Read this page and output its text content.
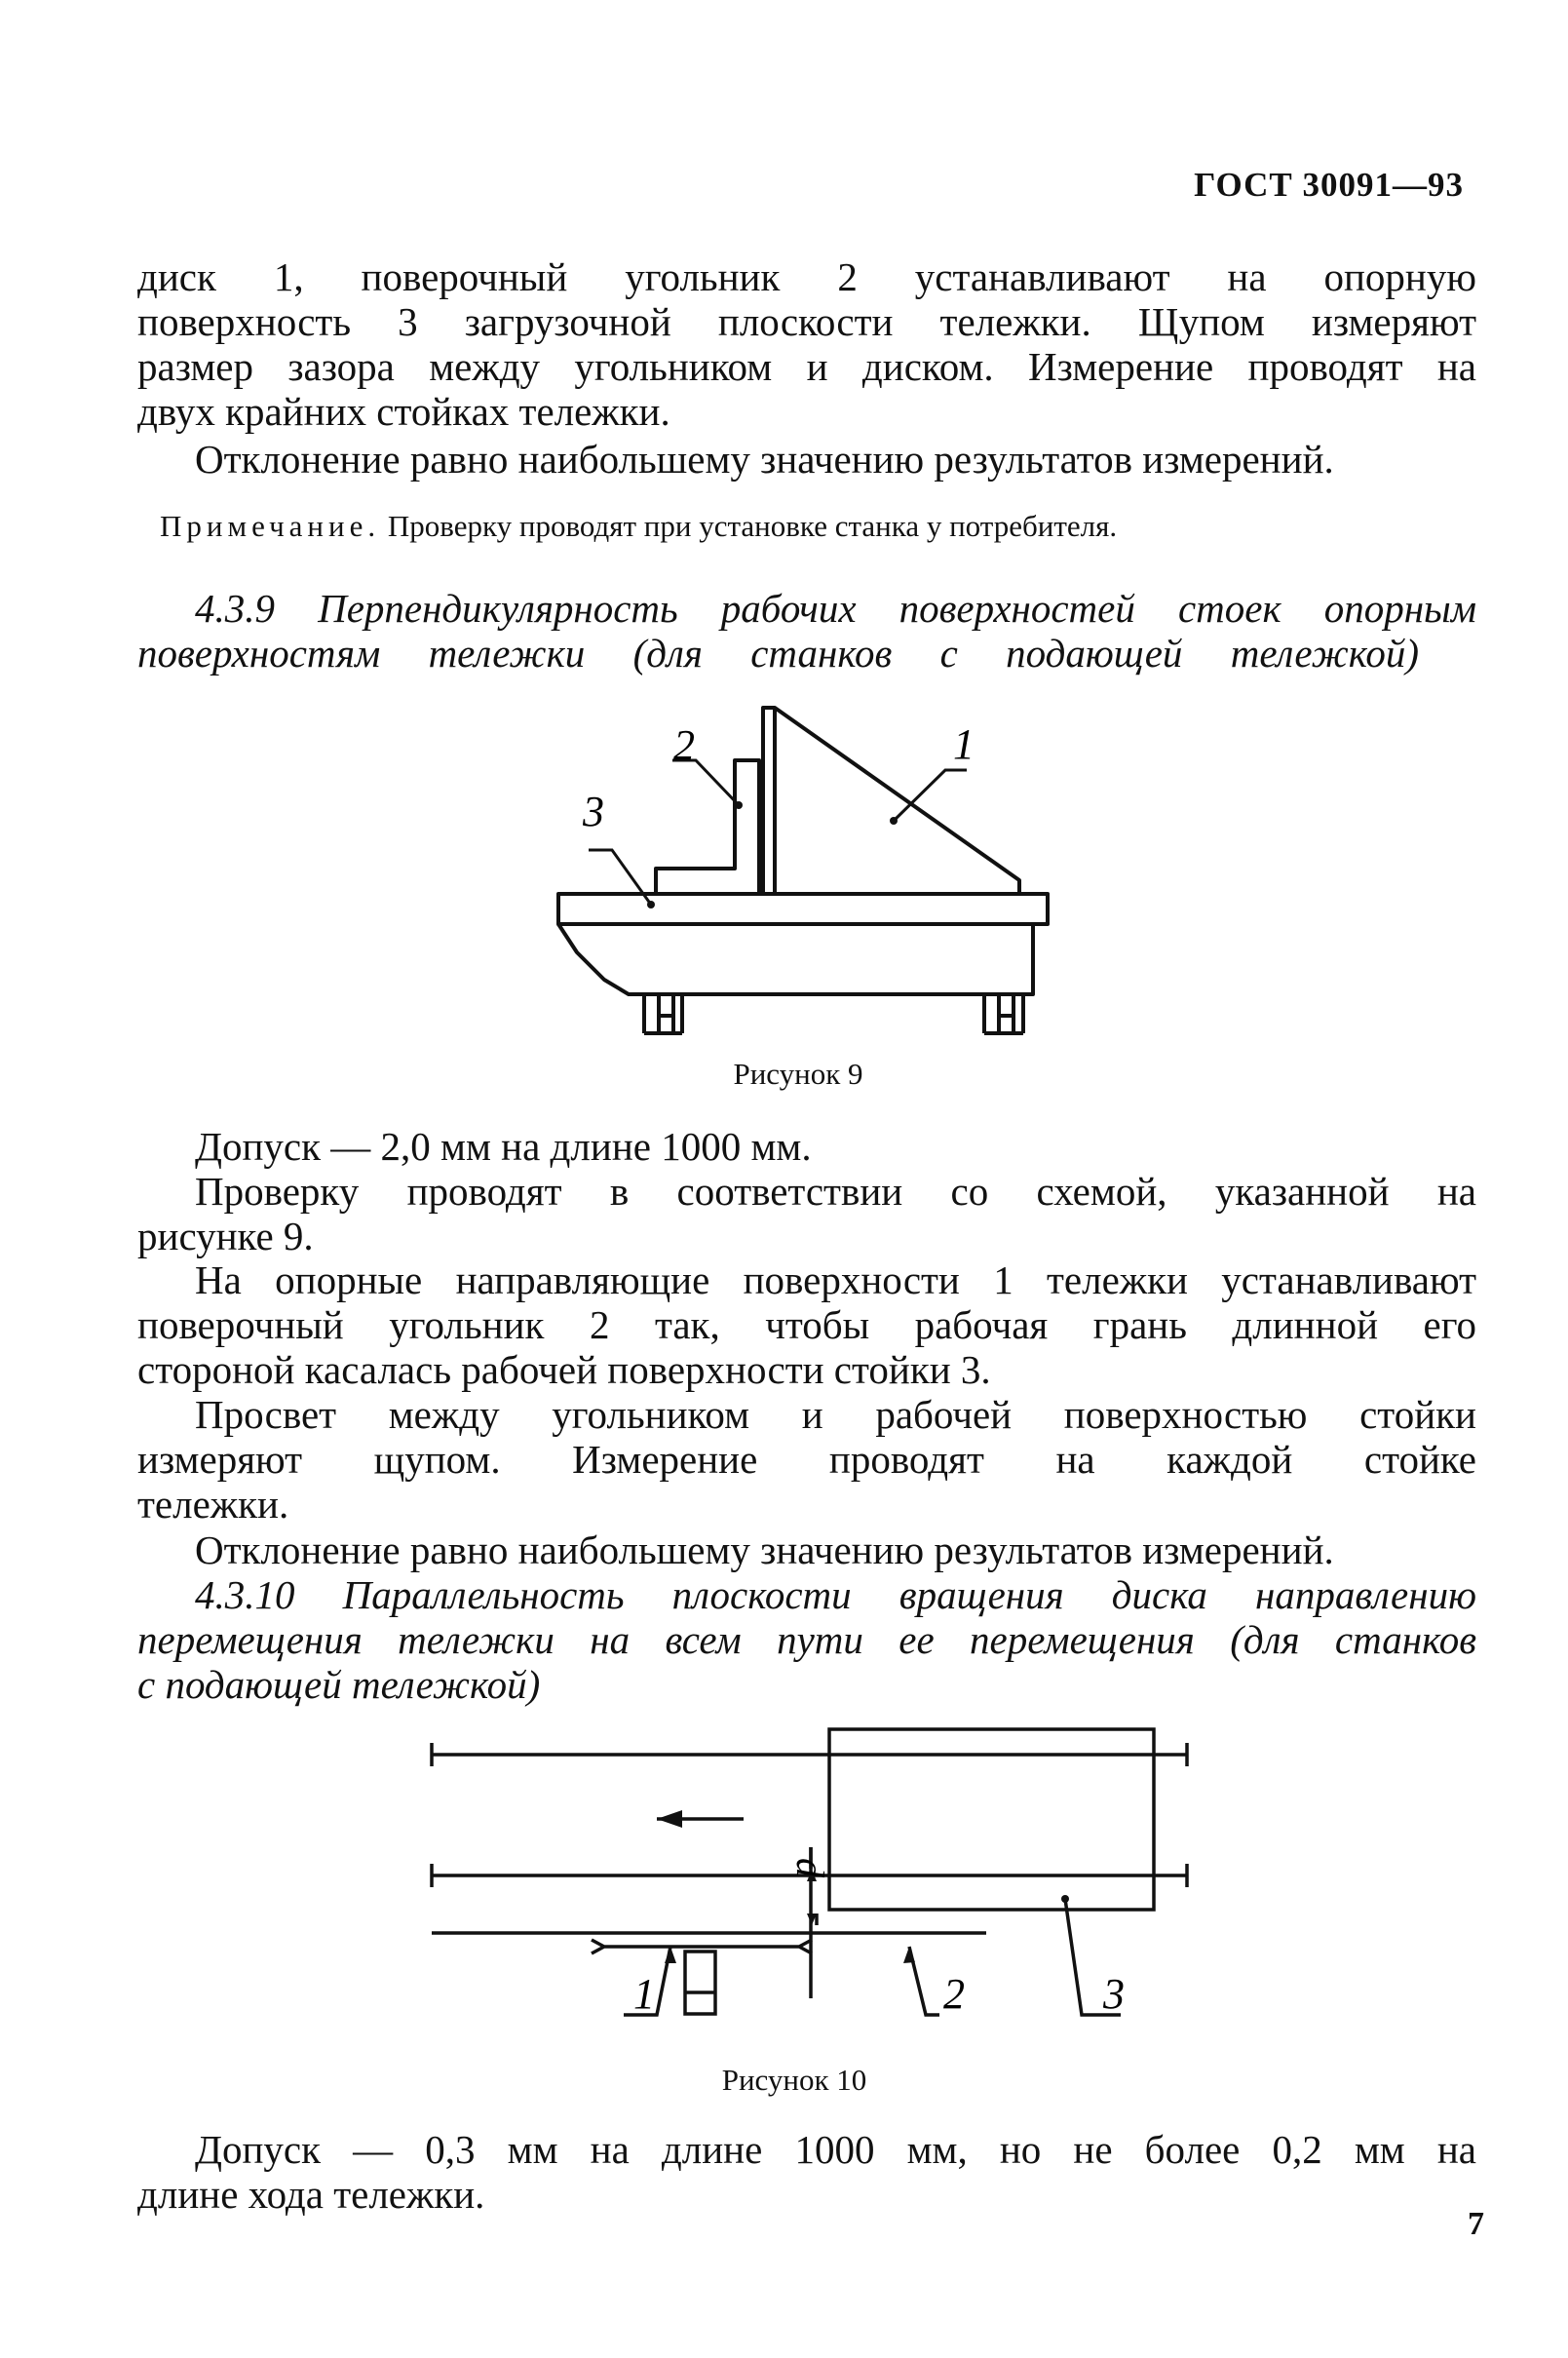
ГОСТ 30091—93
диск 1, поверочный угольник 2 устанавливают на опорную
поверхность 3 загрузочной плоскости тележки. Щупом измеряют
размер зазора между угольником и диском. Измерение проводят на
двух крайних стойках тележки.
Отклонение равно наибольшему значению результатов измерений.
Примечание. Проверку проводят при установке станка у потребителя.
4.3.9 Перпендикулярность рабочих поверхностей стоек опорным
поверхностям тележки (для станков с подающей тележкой)
1
2
3
Рисунок 9
Допуск — 2,0 мм на длине 1000 мм.
Проверку проводят в соответствии со схемой, указанной на
рисунке 9.
На опорные направляющие поверхности 1 тележки устанавливают
поверочный угольник 2 так, чтобы рабочая грань длинной его
стороной касалась рабочей поверхности стойки 3.
Просвет между угольником и рабочей поверхностью стойки
измеряют щупом. Измерение проводят на каждой стойке
тележки.
Отклонение равно наибольшему значению результатов измерений.
4.3.10 Параллельность плоскости вращения диска направлению
перемещения тележки на всем пути ее перемещения (для станков
с подающей тележкой)
d
1	2	3
Рисунок 10
Допуск — 0,3 мм на длине 1000 мм, но не более 0,2 мм на
длине хода тележки.
7
